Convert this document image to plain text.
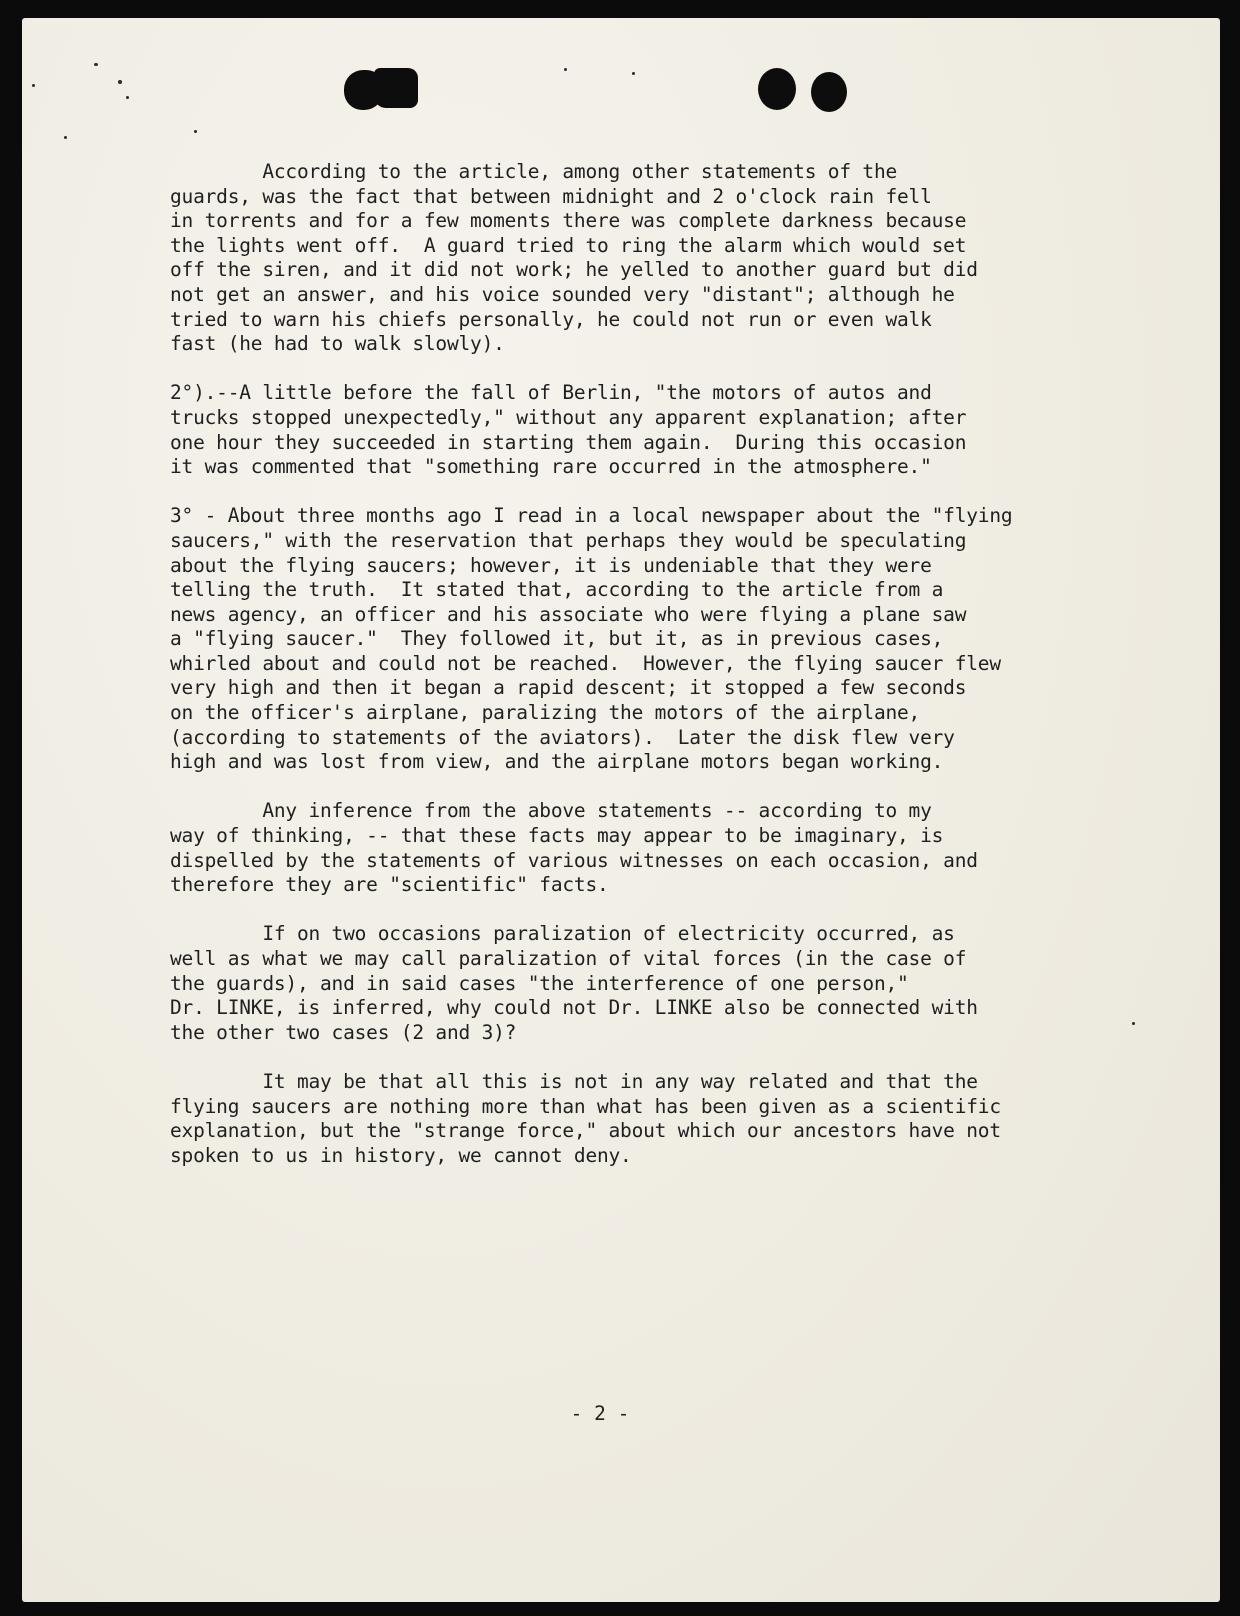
According to the article, among other statements of the
guards, was the fact that between midnight and 2 o'clock rain fell
in torrents and for a few moments there was complete darkness because
the lights went off.  A guard tried to ring the alarm which would set
off the siren, and it did not work; he yelled to another guard but did
not get an answer, and his voice sounded very "distant"; although he
tried to warn his chiefs personally, he could not run or even walk
fast (he had to walk slowly).
2°).--A little before the fall of Berlin, "the motors of autos and
trucks stopped unexpectedly," without any apparent explanation; after
one hour they succeeded in starting them again.  During this occasion
it was commented that "something rare occurred in the atmosphere."
3° - About three months ago I read in a local newspaper about the "flying
saucers," with the reservation that perhaps they would be speculating
about the flying saucers; however, it is undeniable that they were
telling the truth.  It stated that, according to the article from a
news agency, an officer and his associate who were flying a plane saw
a "flying saucer."  They followed it, but it, as in previous cases,
whirled about and could not be reached.  However, the flying saucer flew
very high and then it began a rapid descent; it stopped a few seconds
on the officer's airplane, paralizing the motors of the airplane,
(according to statements of the aviators).  Later the disk flew very
high and was lost from view, and the airplane motors began working.
Any inference from the above statements -- according to my
way of thinking, -- that these facts may appear to be imaginary, is
dispelled by the statements of various witnesses on each occasion, and
therefore they are "scientific" facts.
If on two occasions paralization of electricity occurred, as
well as what we may call paralization of vital forces (in the case of
the guards), and in said cases "the interference of one person,"
Dr. LINKE, is inferred, why could not Dr. LINKE also be connected with
the other two cases (2 and 3)?
It may be that all this is not in any way related and that the
flying saucers are nothing more than what has been given as a scientific
explanation, but the "strange force," about which our ancestors have not
spoken to us in history, we cannot deny.
- 2 -
